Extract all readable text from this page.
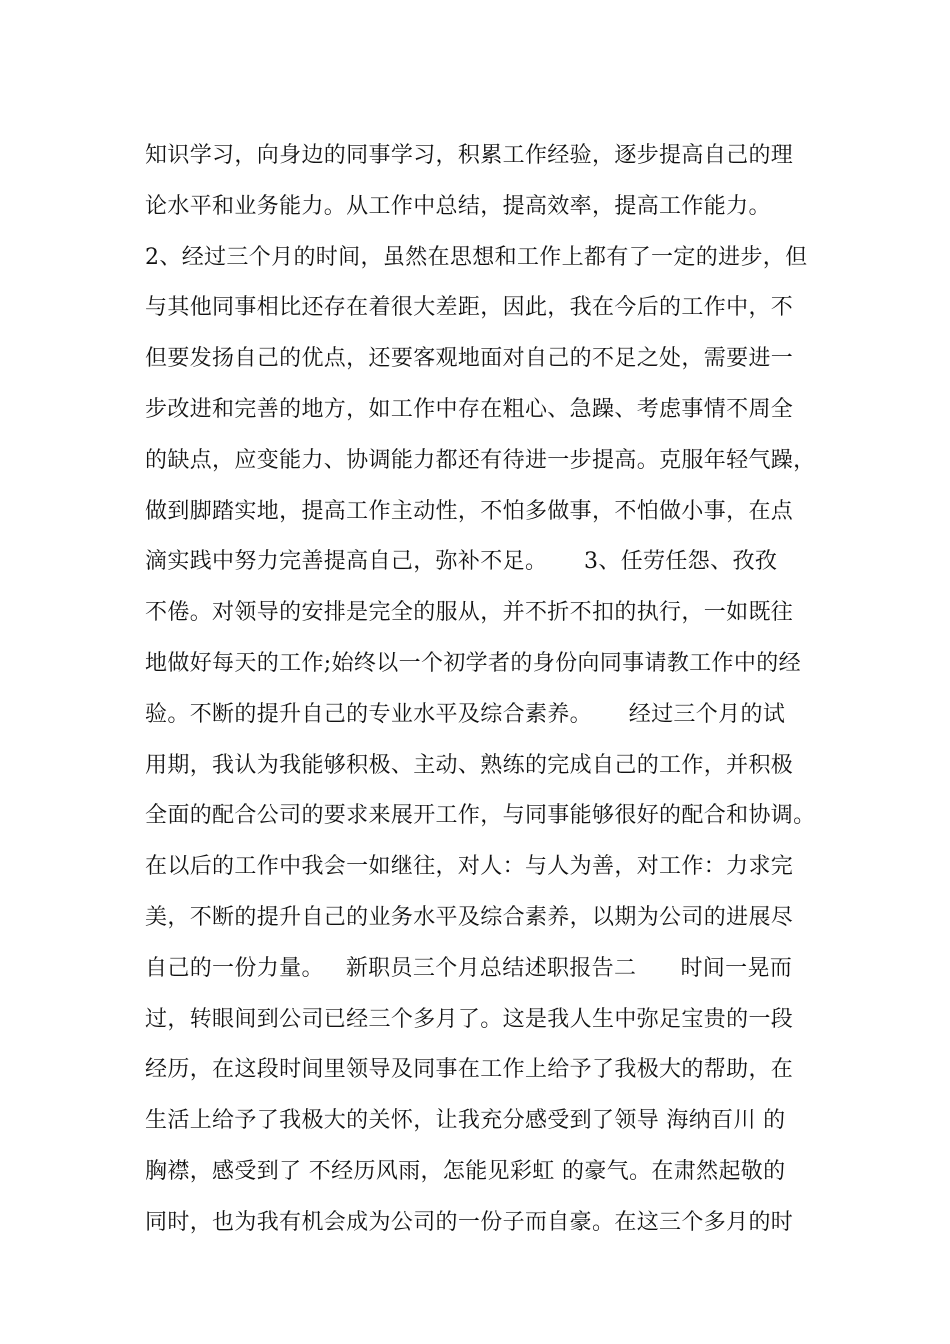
知识学习，向身边的同事学习，积累工作经验，逐步提高自己的理
论水平和业务能力。从工作中总结，提高效率，提高工作能力。
2、经过三个月的时间，虽然在思想和工作上都有了一定的进步，但
与其他同事相比还存在着很大差距，因此，我在今后的工作中，不
但要发扬自己的优点，还要客观地面对自己的不足之处，需要进一
步改进和完善的地方，如工作中存在粗心、急躁、考虑事情不周全
的缺点，应变能力、协调能力都还有待进一步提高。克服年轻气躁，
做到脚踏实地，提高工作主动性，不怕多做事，不怕做小事，在点
滴实践中努力完善提高自己，弥补不足。     3、任劳任怨、孜孜
不倦。对领导的安排是完全的服从，并不折不扣的执行，一如既往
地做好每天的工作;始终以一个初学者的身份向同事请教工作中的经
验。不断的提升自己的专业水平及综合素养。     经过三个月的试
用期，我认为我能够积极、主动、熟练的完成自己的工作，并积极
全面的配合公司的要求来展开工作，与同事能够很好的配合和协调。
在以后的工作中我会一如继往，对人：与人为善，对工作：力求完
美，不断的提升自己的业务水平及综合素养，以期为公司的进展尽
自己的一份力量。   新职员三个月总结述职报告二      时间一晃而
过，转眼间到公司已经三个多月了。这是我人生中弥足宝贵的一段
经历，在这段时间里领导及同事在工作上给予了我极大的帮助，在
生活上给予了我极大的关怀，让我充分感受到了领导 海纳百川 的
胸襟，感受到了 不经历风雨，怎能见彩虹 的豪气。在肃然起敬的
同时，也为我有机会成为公司的一份子而自豪。在这三个多月的时
